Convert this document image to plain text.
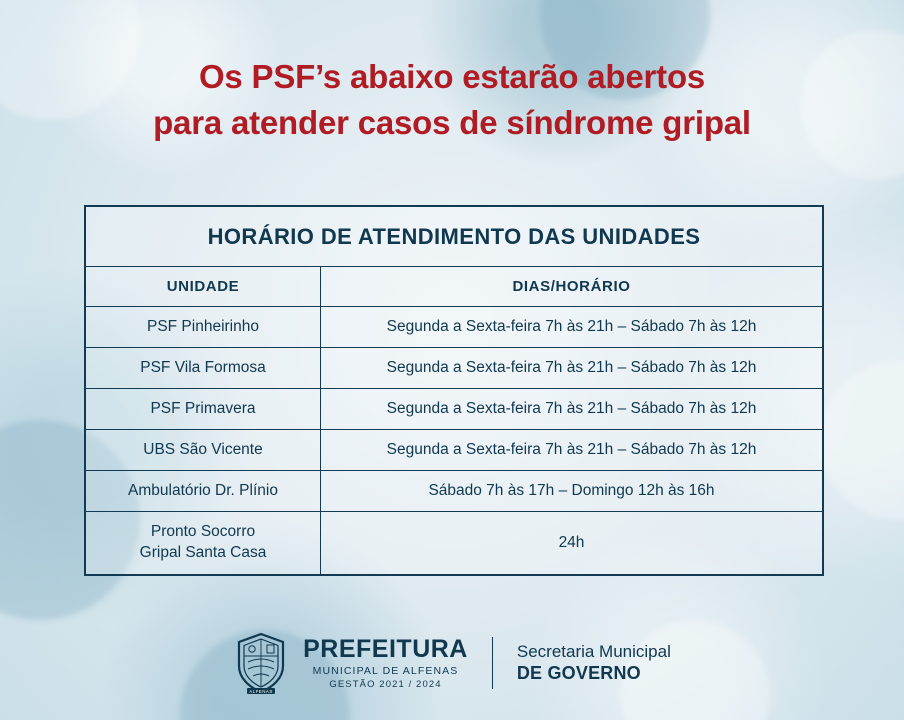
Os PSF’s abaixo estarão abertos
para atender casos de síndrome gripal
HORÁRIO DE ATENDIMENTO DAS UNIDADES	
UNIDADE	DIAS/HORÁRIO
PSF Pinheirinho	Segunda a Sexta-feira 7h às 21h – Sábado 7h às 12h
PSF Vila Formosa	Segunda a Sexta-feira 7h às 21h – Sábado 7h às 12h
PSF Primavera	Segunda a Sexta-feira 7h às 21h – Sábado 7h às 12h
UBS São Vicente	Segunda a Sexta-feira 7h às 21h – Sábado 7h às 12h
Ambulatório Dr. Plínio	Sábado 7h às 17h – Domingo 12h às 16h

Pronto Socorro
Gripal Santa Casa	24h
ALFENAS
PREFEITURA
MUNICIPAL DE ALFENAS
GESTÃO 2021 / 2024
Secretaria Municipal
DE GOVERNO
